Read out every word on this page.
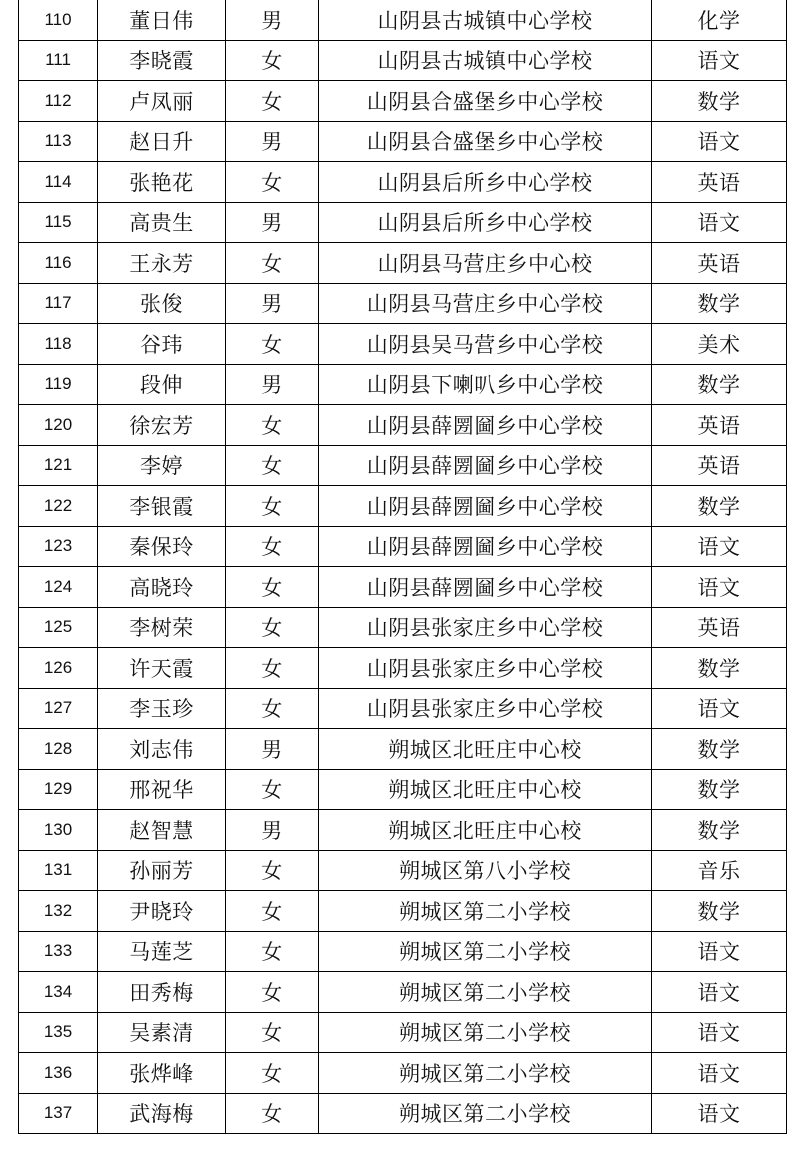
110	董日伟	男	山阴县古城镇中心学校	化学
111	李晓霞	女	山阴县古城镇中心学校	语文
112	卢凤丽	女	山阴县合盛堡乡中心学校	数学
113	赵日升	男	山阴县合盛堡乡中心学校	语文
114	张艳花	女	山阴县后所乡中心学校	英语
115	高贵生	男	山阴县后所乡中心学校	语文
116	王永芳	女	山阴县马营庄乡中心校	英语
117	张俊	男	山阴县马营庄乡中心学校	数学
118	谷玮	女	山阴县吴马营乡中心学校	美术
119	段伸	男	山阴县下喇叭乡中心学校	数学
120	徐宏芳	女	山阴县薛圐圙乡中心学校	英语
121	李婷	女	山阴县薛圐圙乡中心学校	英语
122	李银霞	女	山阴县薛圐圙乡中心学校	数学
123	秦保玲	女	山阴县薛圐圙乡中心学校	语文
124	高晓玲	女	山阴县薛圐圙乡中心学校	语文
125	李树荣	女	山阴县张家庄乡中心学校	英语
126	许天霞	女	山阴县张家庄乡中心学校	数学
127	李玉珍	女	山阴县张家庄乡中心学校	语文
128	刘志伟	男	朔城区北旺庄中心校	数学
129	邢祝华	女	朔城区北旺庄中心校	数学
130	赵智慧	男	朔城区北旺庄中心校	数学
131	孙丽芳	女	朔城区第八小学校	音乐
132	尹晓玲	女	朔城区第二小学校	数学
133	马莲芝	女	朔城区第二小学校	语文
134	田秀梅	女	朔城区第二小学校	语文
135	吴素清	女	朔城区第二小学校	语文
136	张烨峰	女	朔城区第二小学校	语文
137	武海梅	女	朔城区第二小学校	语文
